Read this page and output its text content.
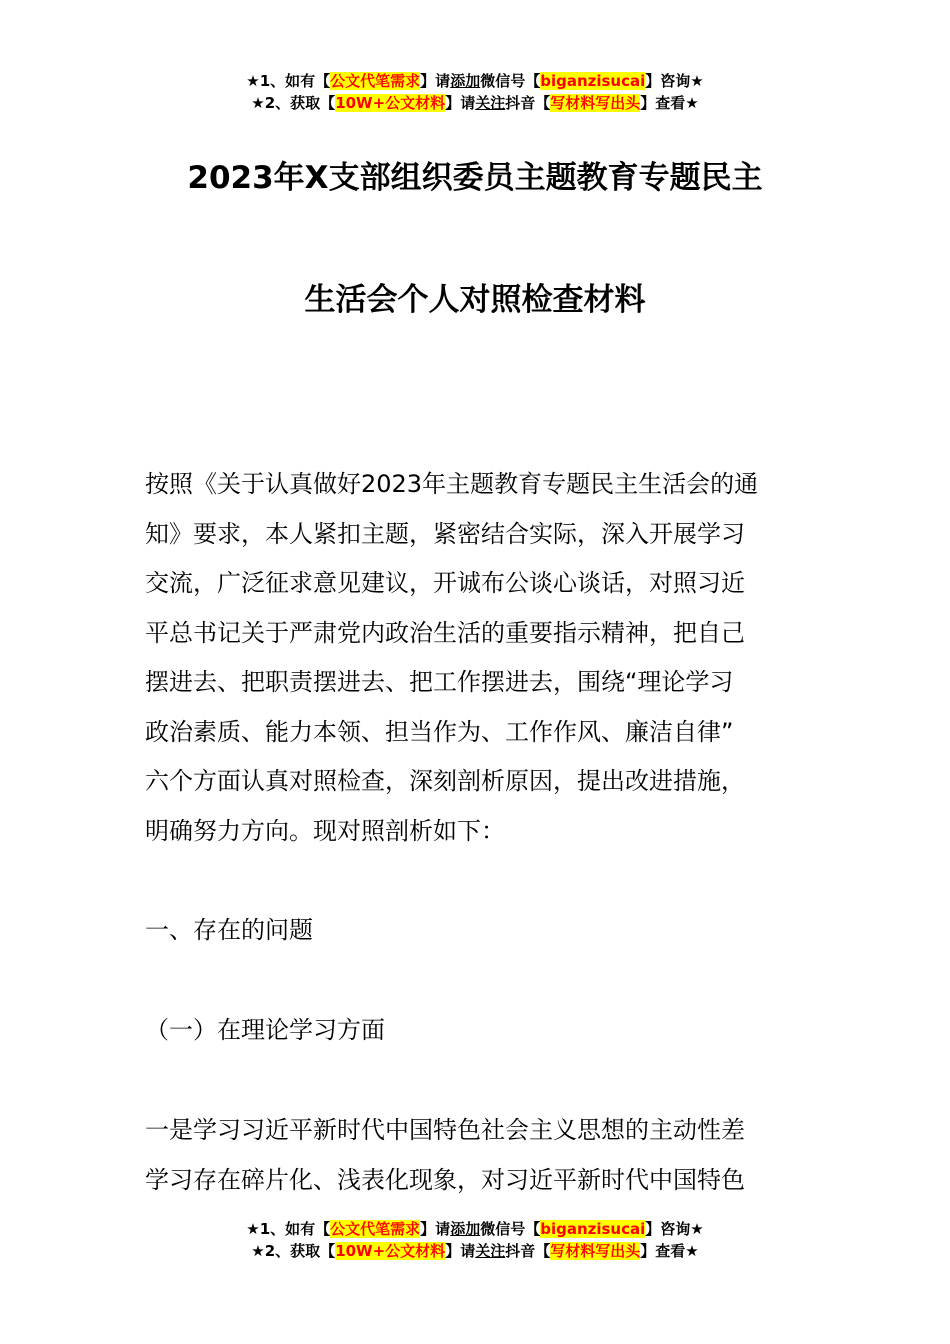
★1、如有【公文代笔需求】请添加微信号【biganzisucai】咨询★
★2、获取【10W+公文材料】请关注抖音【写材料写出头】查看★
2023年X支部组织委员主题教育专题民主
生活会个人对照检查材料
按照《关于认真做好2023年主题教育专题民主生活会的通
知》要求，本人紧扣主题，紧密结合实际，深入开展学习
交流，广泛征求意见建议，开诚布公谈心谈话，对照习近
平总书记关于严肃党内政治生活的重要指示精神，把自己
摆进去、把职责摆进去、把工作摆进去，围绕“理论学习
政治素质、能力本领、担当作为、工作作风、廉洁自律”
六个方面认真对照检查，深刻剖析原因，提出改进措施，
明确努力方向。现对照剖析如下：
一、存在的问题
（一）在理论学习方面
一是学习习近平新时代中国特色社会主义思想的主动性差
学习存在碎片化、浅表化现象，对习近平新时代中国特色
★1、如有【公文代笔需求】请添加微信号【biganzisucai】咨询★
★2、获取【10W+公文材料】请关注抖音【写材料写出头】查看★
